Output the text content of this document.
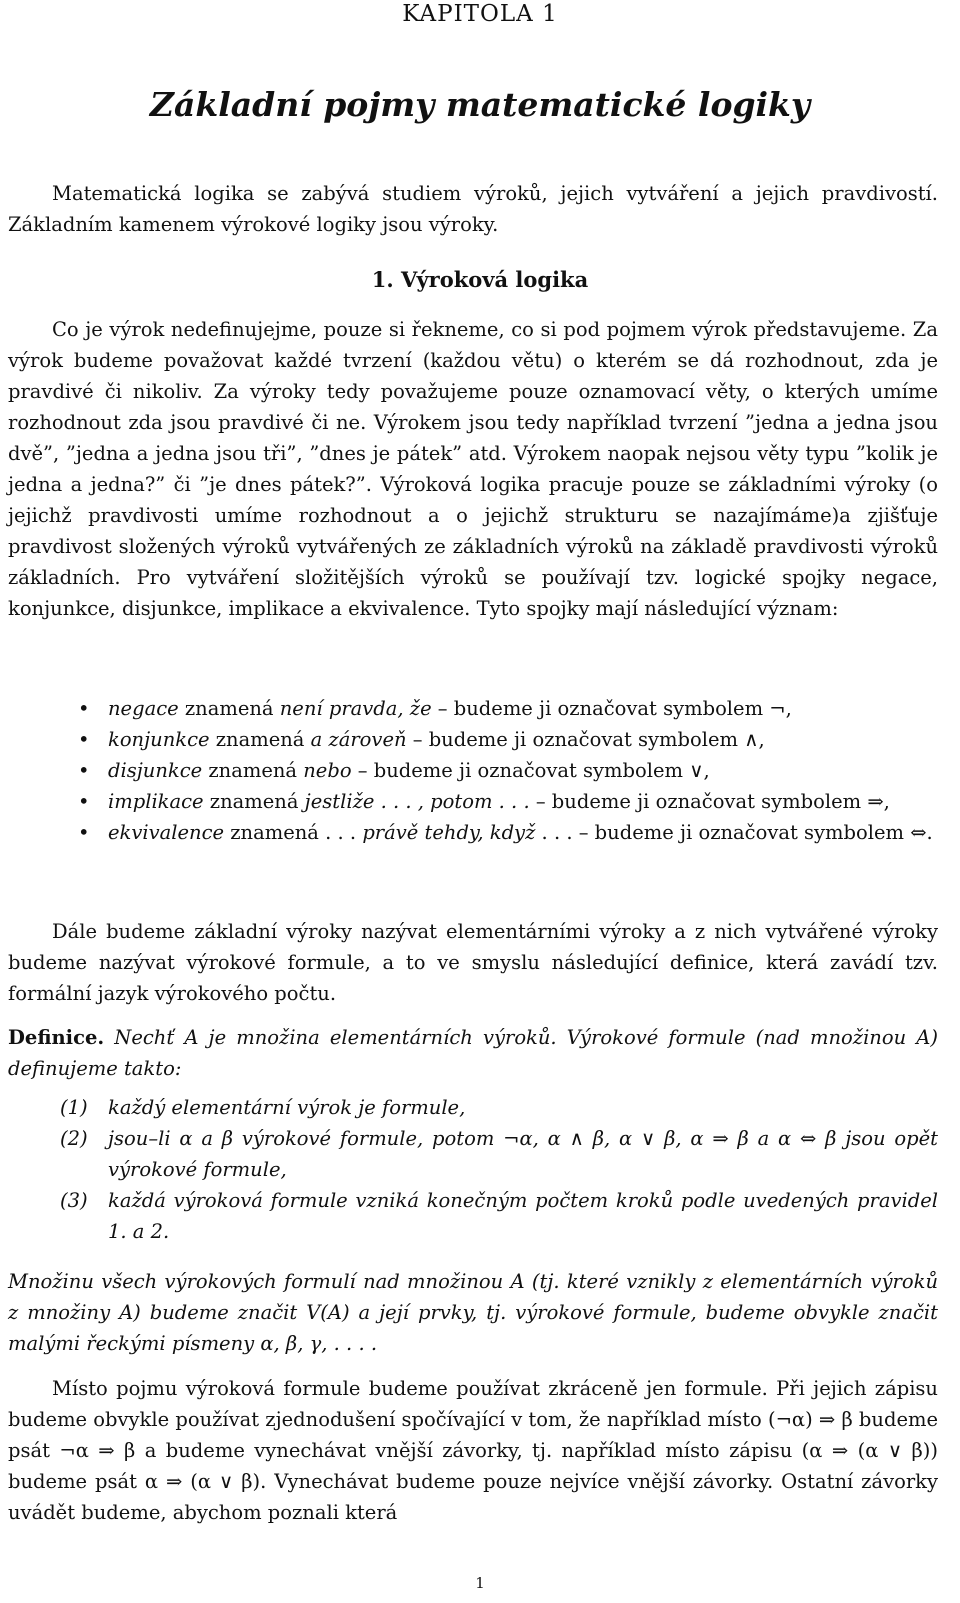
KAPITOLA 1
Základní pojmy matematické logiky

Matematická logika se zabývá studiem výroků, jejich vytváření a jejich pravdivostí. Základním kamenem výrokové logiky jsou výroky.

1. Výroková logika

Co je výrok nedefinujejme, pouze si řekneme, co si pod pojmem výrok představujeme. Za výrok budeme považovat každé tvrzení (každou větu) o kterém se dá rozhodnout, zda je pravdivé či nikoliv. Za výroky tedy považujeme pouze oznamovací věty, o kterých umíme rozhodnout zda jsou pravdivé či ne. Výrokem jsou tedy například tvrzení ”jedna a jedna jsou dvě”, ”jedna a jedna jsou tři”, ”dnes je pátek” atd. Výrokem naopak nejsou věty typu ”kolik je jedna a jedna?” či ”je dnes pátek?”. Výroková logika pracuje pouze se základními výroky (o jejichž pravdivosti umíme rozhodnout a o jejichž strukturu se nazajímáme)a zjišťuje pravdivost složených výroků vytvářených ze základních výroků na základě pravdivosti výroků základních. Pro vytváření složitějších výroků se používají tzv. logické spojky negace, konjunkce, disjunkce, implikace a ekvivalence. Tyto spojky mají následující význam:

• negace znamená není pravda, že – budeme ji označovat symbolem ¬,
• konjunkce znamená a zároveň – budeme ji označovat symbolem ∧,
• disjunkce znamená nebo – budeme ji označovat symbolem ∨,
• implikace znamená jestliže . . . , potom . . . – budeme ji označovat symbolem ⇒,
• ekvivalence znamená . . . právě tehdy, když . . . – budeme ji označovat symbolem ⇔.

Dále budeme základní výroky nazývat elementárními výroky a z nich vytvářené výroky budeme nazývat výrokové formule, a to ve smyslu následující definice, která zavádí tzv. formální jazyk výrokového počtu.

Definice. Nechť A je množina elementárních výroků. Výrokové formule (nad množinou A) definujeme takto:

(1) každý elementární výrok je formule,
(2) jsou–li α a β výrokové formule, potom ¬α, α ∧ β, α ∨ β, α ⇒ β a α ⇔ β jsou opět výrokové formule,
(3) každá výroková formule vzniká konečným počtem kroků podle uvedených pravidel 1. a 2.

Množinu všech výrokových formulí nad množinou A (tj. které vznikly z elementárních výroků z množiny A) budeme značit V(A) a její prvky, tj. výrokové formule, budeme obvykle značit malými řeckými písmeny α, β, γ, . . . .

Místo pojmu výroková formule budeme používat zkráceně jen formule. Při jejich zápisu budeme obvykle používat zjednodušení spočívající v tom, že například místo (¬α) ⇒ β budeme psát ¬α ⇒ β a budeme vynechávat vnější závorky, tj. například místo zápisu (α ⇒ (α ∨ β)) budeme psát α ⇒ (α ∨ β). Vynechávat budeme pouze nejvíce vnější závorky. Ostatní závorky uvádět budeme, abychom poznali která

1
